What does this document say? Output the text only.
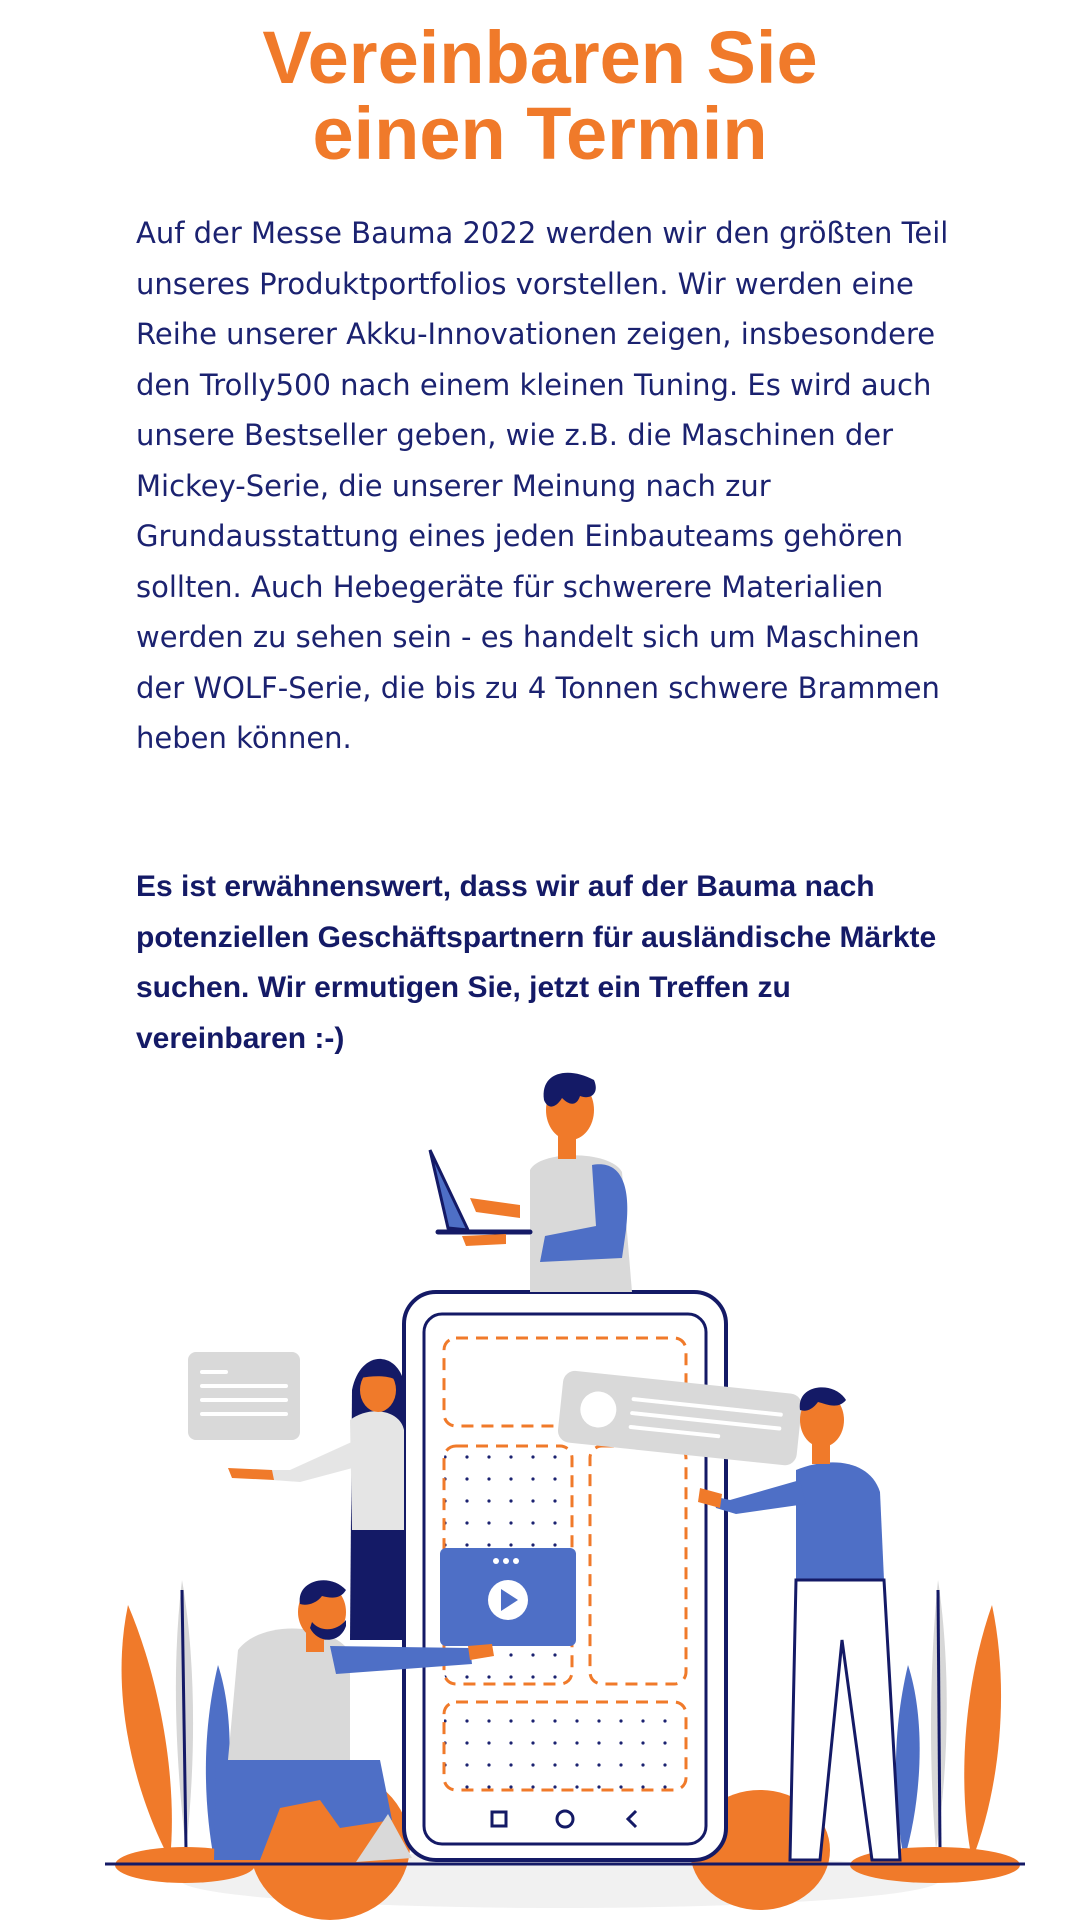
Vereinbaren Sie
einen Termin

Auf der Messe Bauma 2022 werden wir den größten Teil unseres Produktportfolios vorstellen. Wir werden eine Reihe unserer Akku-Innovationen zeigen, insbesondere den Trolly500 nach einem kleinen Tuning. Es wird auch unsere Bestseller geben, wie z.B. die Maschinen der Mickey-Serie, die unserer Meinung nach zur Grundausstattung eines jeden Einbauteams gehören sollten. Auch Hebegeräte für schwerere Materialien werden zu sehen sein - es handelt sich um Maschinen der WOLF-Serie, die bis zu 4 Tonnen schwere Brammen heben können.

Es ist erwähnenswert, dass wir auf der Bauma nach potenziellen Geschäftspartnern für ausländische Märkte suchen. Wir ermutigen Sie, jetzt ein Treffen zu vereinbaren :-)
